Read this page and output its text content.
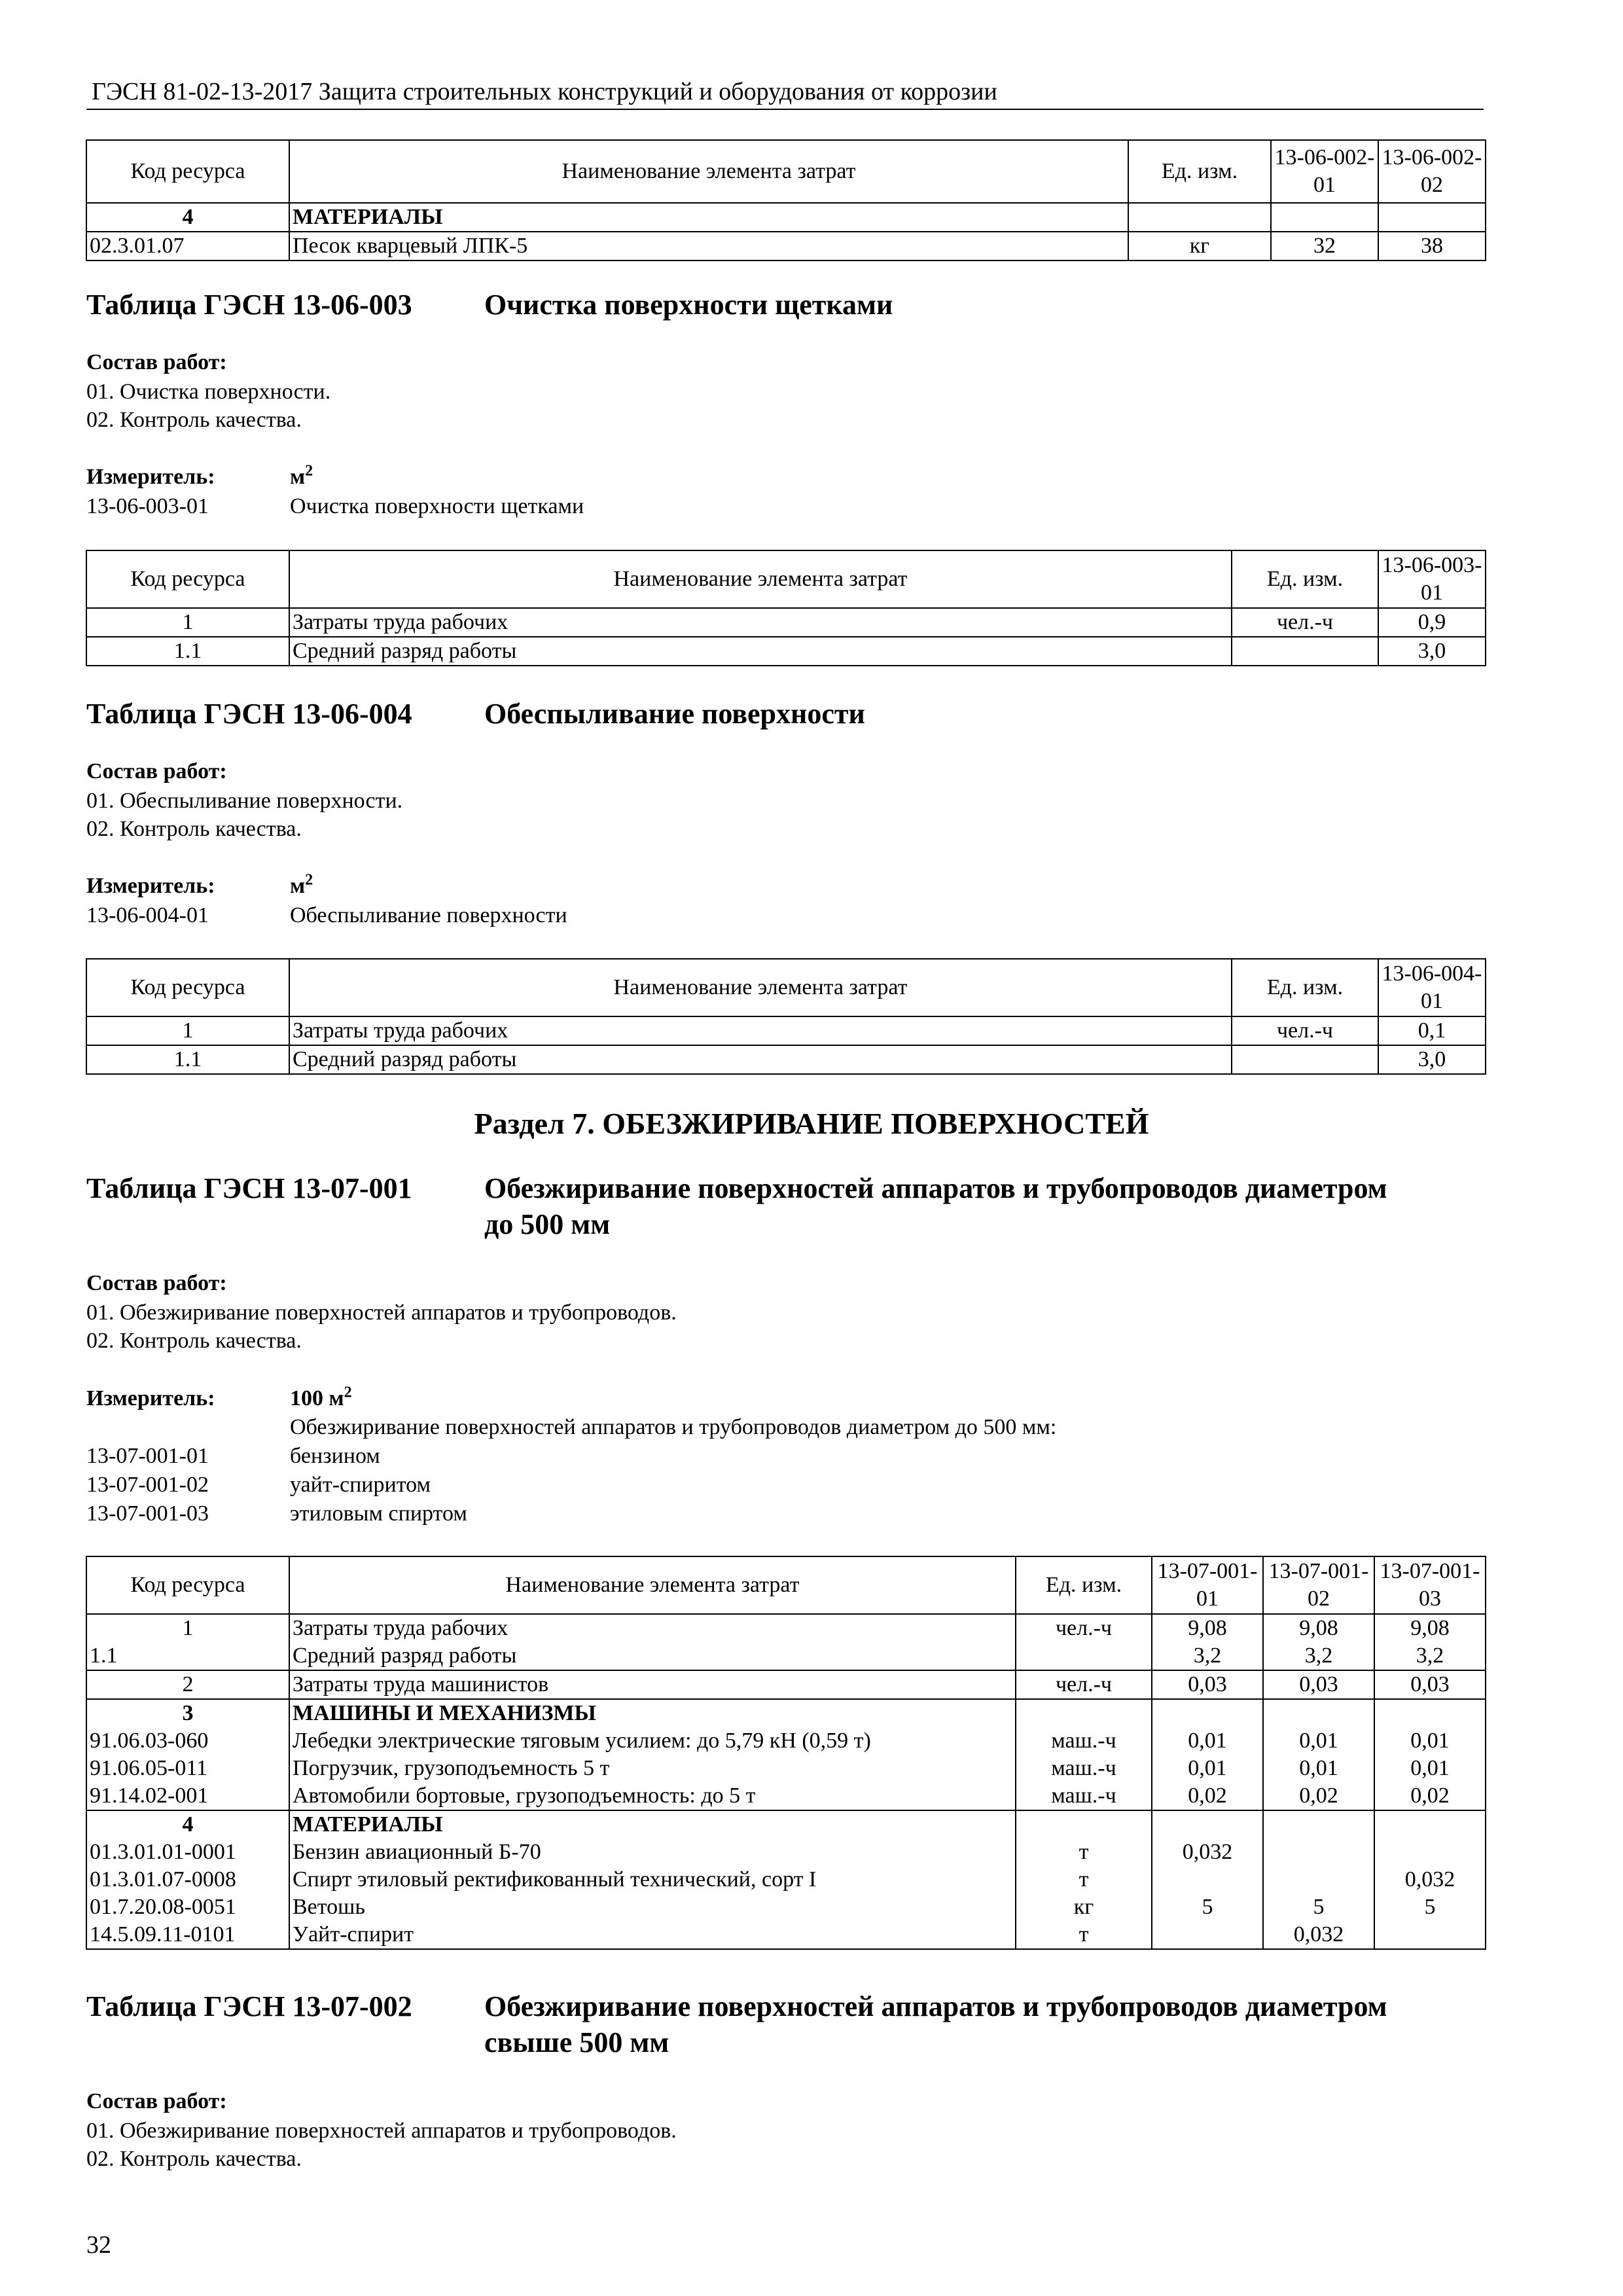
ГЭСН 81-02-13-2017 Защита строительных конструкций и оборудования от коррозии
Код ресурса	Наименование элемента затрат	Ед. изм.	13-06-002-01	13-06-002-02
4	МАТЕРИАЛЫ			
02.3.01.07	Песок кварцевый ЛПК-5	кг	32	38
Таблица ГЭСН 13-06-003	Очистка поверхности щетками
Состав работ:
01. Очистка поверхности.
02. Контроль качества.
Измеритель:	$м^2$
13-06-003-01	Очистка поверхности щетками
Код ресурса	Наименование элемента затрат	Ед. изм.	13-06-003-01
1	Затраты труда рабочих	чел.-ч	0,9
1.1	Средний разряд работы		3,0
Таблица ГЭСН 13-06-004	Обеспыливание поверхности
Состав работ:
01. Обеспыливание поверхности.
02. Контроль качества.
Измеритель:	$м^2$
13-06-004-01	Обеспыливание поверхности
Код ресурса	Наименование элемента затрат	Ед. изм.	13-06-004-01
1	Затраты труда рабочих	чел.-ч	0,1
1.1	Средний разряд работы		3,0
Раздел 7. ОБЕЗЖИРИВАНИЕ ПОВЕРХНОСТЕЙ
Таблица ГЭСН 13-07-001	Обезжиривание поверхностей аппаратов и трубопроводов диаметром
до 500 мм
Состав работ:
01. Обезжиривание поверхностей аппаратов и трубопроводов.
02. Контроль качества.
Измеритель:	100 $м^2$
Обезжиривание поверхностей аппаратов и трубопроводов диаметром до 500 мм:
13-07-001-01	бензином
13-07-001-02	уайт-спиритом
13-07-001-03	этиловым спиртом
Код ресурса	Наименование элемента затрат	Ед. изм.	13-07-001-01	13-07-001-02	13-07-001-03
1	Затраты труда рабочих	чел.-ч	9,08	9,08	9,08
1.1	Средний разряд работы		3,2	3,2	3,2
2	Затраты труда машинистов	чел.-ч	0,03	0,03	0,03
3	МАШИНЫ И МЕХАНИЗМЫ				
91.06.03-060	Лебедки электрические тяговым усилием: до 5,79 кН (0,59 т)	маш.-ч	0,01	0,01	0,01
91.06.05-011	Погрузчик, грузоподъемность 5 т	маш.-ч	0,01	0,01	0,01
91.14.02-001	Автомобили бортовые, грузоподъемность: до 5 т	маш.-ч	0,02	0,02	0,02
4	МАТЕРИАЛЫ				
01.3.01.01-0001	Бензин авиационный Б-70	т	0,032		
01.3.01.07-0008	Спирт этиловый ректификованный технический, сорт I	т			0,032
01.7.20.08-0051	Ветошь	кг	5	5	5
14.5.09.11-0101	Уайт-спирит	т		0,032	
Таблица ГЭСН 13-07-002	Обезжиривание поверхностей аппаратов и трубопроводов диаметром
свыше 500 мм
Состав работ:
01. Обезжиривание поверхностей аппаратов и трубопроводов.
02. Контроль качества.
32
